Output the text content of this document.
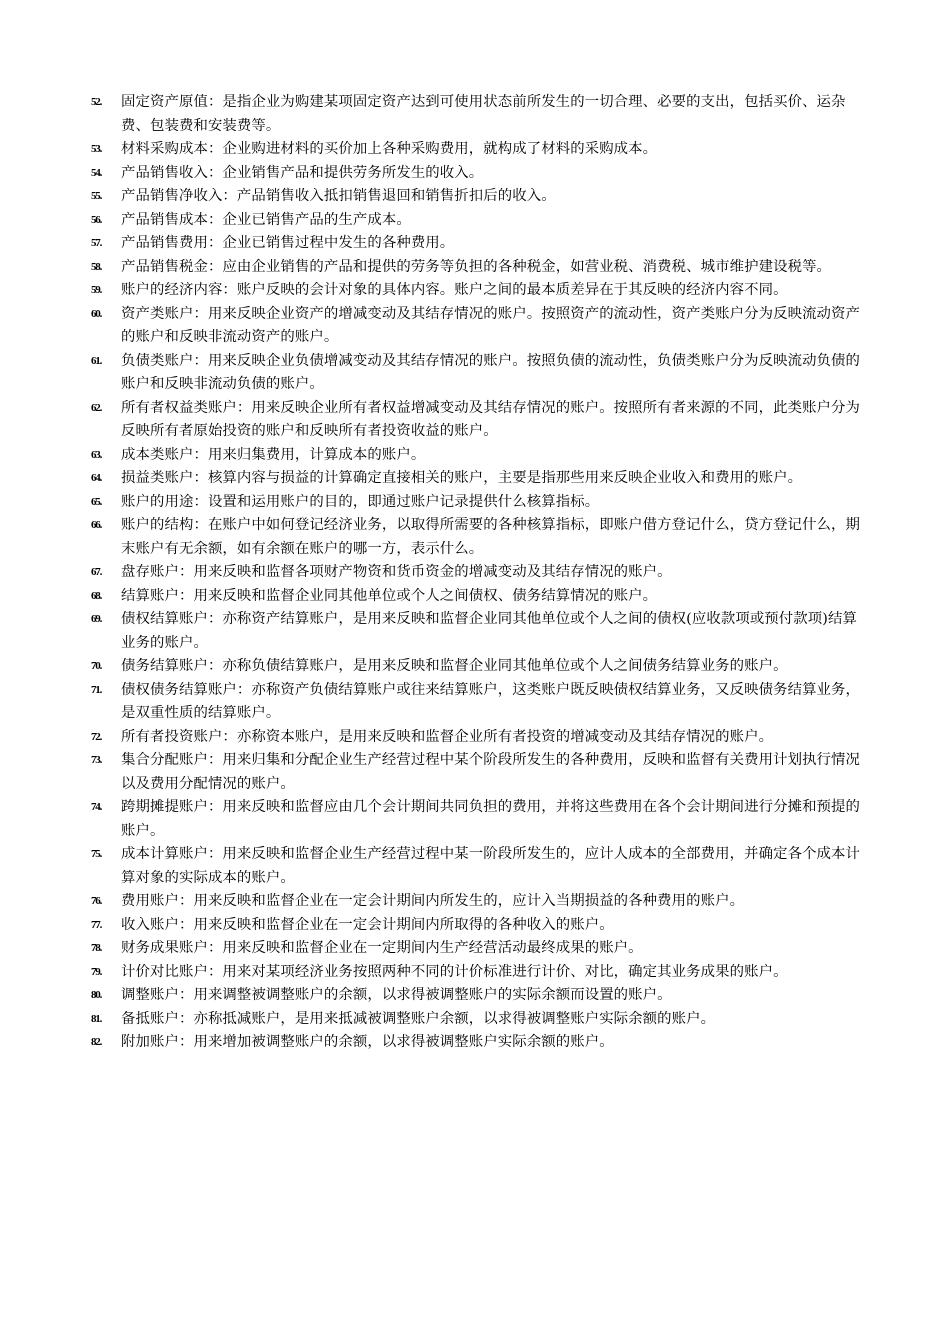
52.	固定资产原值：是指企业为购建某项固定资产达到可使用状态前所发生的一切合理、必要的支出，包括买价、运杂费、包装费和安装费等。
53.	材料采购成本：企业购进材料的买价加上各种采购费用，就构成了材料的采购成本。
54.	产品销售收入：企业销售产品和提供劳务所发生的收入。
55.	产品销售净收入：产品销售收入抵扣销售退回和销售折扣后的收入。
56.	产品销售成本：企业已销售产品的生产成本。
57.	产品销售费用：企业已销售过程中发生的各种费用。
58.	产品销售税金：应由企业销售的产品和提供的劳务等负担的各种税金，如营业税、消费税、城市维护建设税等。
59.	账户的经济内容：账户反映的会计对象的具体内容。账户之间的最本质差异在于其反映的经济内容不同。
60.	资产类账户：用来反映企业资产的增减变动及其结存情况的账户。按照资产的流动性，资产类账户分为反映流动资产的账户和反映非流动资产的账户。
61.	负债类账户：用来反映企业负债增减变动及其结存情况的账户。按照负债的流动性，负债类账户分为反映流动负债的账户和反映非流动负债的账户。
62.	所有者权益类账户：用来反映企业所有者权益增减变动及其结存情况的账户。按照所有者来源的不同，此类账户分为反映所有者原始投资的账户和反映所有者投资收益的账户。
63.	成本类账户：用来归集费用，计算成本的账户。
64.	损益类账户：核算内容与损益的计算确定直接相关的账户，主要是指那些用来反映企业收入和费用的账户。
65.	账户的用途：设置和运用账户的目的，即通过账户记录提供什么核算指标。
66.	账户的结构：在账户中如何登记经济业务，以取得所需要的各种核算指标，即账户借方登记什么，贷方登记什么，期末账户有无余额，如有余额在账户的哪一方，表示什么。
67.	盘存账户：用来反映和监督各项财产物资和货币资金的增减变动及其结存情况的账户。
68.	结算账户：用来反映和监督企业同其他单位或个人之间债权、债务结算情况的账户。
69.	债权结算账户：亦称资产结算账户，是用来反映和监督企业同其他单位或个人之间的债权(应收款项或预付款项)结算业务的账户。
70.	债务结算账户：亦称负债结算账户，是用来反映和监督企业同其他单位或个人之间债务结算业务的账户。
71.	债权债务结算账户：亦称资产负债结算账户或往来结算账户，这类账户既反映债权结算业务，又反映债务结算业务，是双重性质的结算账户。
72.	所有者投资账户：亦称资本账户，是用来反映和监督企业所有者投资的增减变动及其结存情况的账户。
73.	集合分配账户：用来归集和分配企业生产经营过程中某个阶段所发生的各种费用，反映和监督有关费用计划执行情况以及费用分配情况的账户。
74.	跨期摊提账户：用来反映和监督应由几个会计期间共同负担的费用，并将这些费用在各个会计期间进行分摊和预提的账户。
75.	成本计算账户：用来反映和监督企业生产经营过程中某一阶段所发生的，应计人成本的全部费用，并确定各个成本计算对象的实际成本的账户。
76.	费用账户：用来反映和监督企业在一定会计期间内所发生的，应计入当期损益的各种费用的账户。
77.	收入账户：用来反映和监督企业在一定会计期间内所取得的各种收入的账户。
78.	财务成果账户：用来反映和监督企业在一定期间内生产经营活动最终成果的账户。
79.	计价对比账户：用来对某项经济业务按照两种不同的计价标准进行计价、对比，确定其业务成果的账户。
80.	调整账户：用来调整被调整账户的余额，以求得被调整账户的实际余额而设置的账户。
81.	备抵账户：亦称抵减账户，是用来抵减被调整账户余额，以求得被调整账户实际余额的账户。
82.	附加账户：用来增加被调整账户的余额，以求得被调整账户实际余额的账户。
